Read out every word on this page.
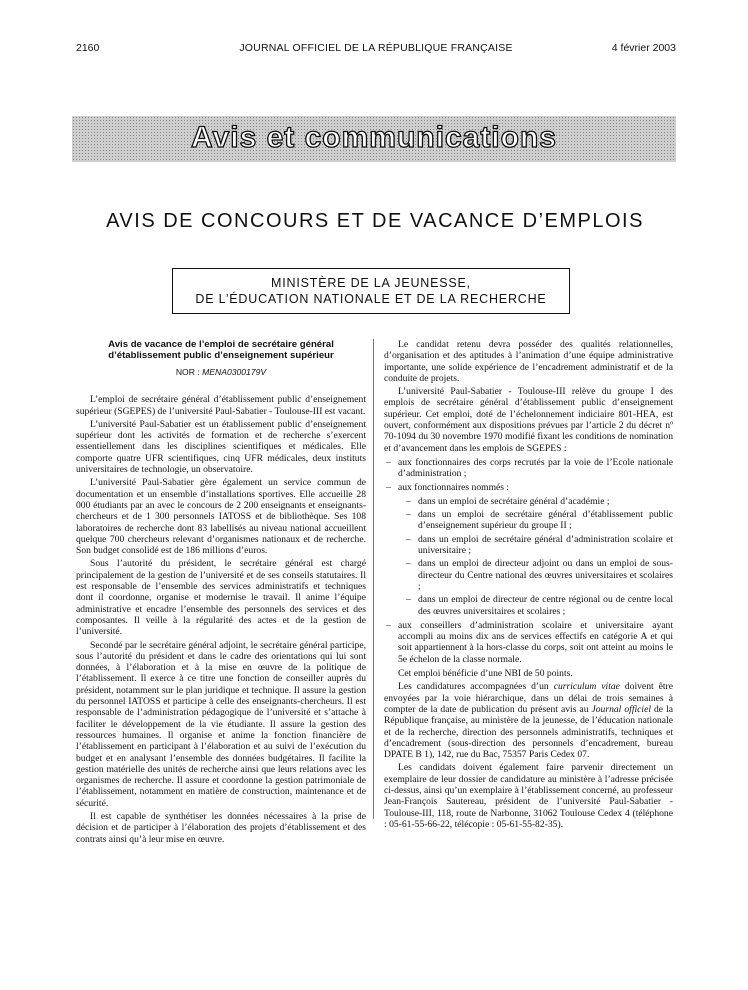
2160	JOURNAL OFFICIEL DE LA RÉPUBLIQUE FRANÇAISE	4 février 2003
Avis et communications
AVIS DE CONCOURS ET DE VACANCE D’EMPLOIS
MINISTÈRE DE LA JEUNESSE,
DE L’ÉDUCATION NATIONALE ET DE LA RECHERCHE

Avis de vacance de l’emploi de secrétaire général

d’établissement public d’enseignement supérieur

NOR : MENA0300179V

L’emploi de secrétaire général d’établissement public d’enseignement supérieur (SGEPES) de l’université Paul-Sabatier - Toulouse-III est vacant.

L’université Paul-Sabatier est un établissement public d’enseignement supérieur dont les activités de formation et de recherche s’exercent essentiellement dans les disciplines scientifiques et médicales. Elle comporte quatre UFR scientifiques, cinq UFR médicales, deux instituts universitaires de technologie, un observatoire.

L’université Paul-Sabatier gère également un service commun de documentation et un ensemble d’installations sportives. Elle accueille 28 000 étudiants par an avec le concours de 2 200 enseignants et enseignants-chercheurs et de 1 300 personnels IATOSS et de bibliothèque. Ses 108 laboratoires de recherche dont 83 labellisés au niveau national accueillent quelque 700 chercheurs relevant d’organismes nationaux et de recherche. Son budget consolidé est de 186 millions d’euros.

Sous l’autorité du président, le secrétaire général est chargé principalement de la gestion de l’université et de ses conseils statutaires. Il est responsable de l’ensemble des services administratifs et techniques dont il coordonne, organise et modernise le travail. Il anime l’équipe administrative et encadre l’ensemble des personnels des services et des composantes. Il veille à la régularité des actes et de la gestion de l’université.

Secondé par le secrétaire général adjoint, le secrétaire général participe, sous l’autorité du président et dans le cadre des orientations qui lui sont données, à l’élaboration et à la mise en œuvre de la politique de l’établissement. Il exerce à ce titre une fonction de conseiller auprès du président, notamment sur le plan juridique et technique. Il assure la gestion du personnel IATOSS et participe à celle des enseignants-chercheurs. Il est responsable de l’administration pédagogique de l’université et s’attache à faciliter le développement de la vie étudiante. Il assure la gestion des ressources humaines. Il organise et anime la fonction financière de l’établissement en participant à l’élaboration et au suivi de l’exécution du budget et en analysant l’ensemble des données budgétaires. Il facilite la gestion matérielle des unités de recherche ainsi que leurs relations avec les organismes de recherche. Il assure et coordonne la gestion patrimoniale de l’établissement, notamment en matière de construction, maintenance et de sécurité.

Il est capable de synthétiser les données nécessaires à la prise de décision et de participer à l’élaboration des projets d’établissement et des contrats ainsi qu’à leur mise en œuvre.

Le candidat retenu devra posséder des qualités relationnelles, d’organisation et des aptitudes à l’animation d’une équipe administrative importante, une solide expérience de l’encadrement administratif et de la conduite de projets.

L’université Paul-Sabatier - Toulouse-III relève du groupe I des emplois de secrétaire général d’établissement public d’enseignement supérieur. Cet emploi, doté de l’échelonnement indiciaire 801-HEA, est ouvert, conformément aux dispositions prévues par l’article 2 du décret nº 70-1094 du 30 novembre 1970 modifié fixant les conditions de nomination et d’avancement dans les emplois de SGEPES :

– aux fonctionnaires des corps recrutés par la voie de l’Ecole nationale d’administration ;
– aux fonctionnaires nommés :
– dans un emploi de secrétaire général d’académie ;
– dans un emploi de secrétaire général d’établissement public d’enseignement supérieur du groupe II ;
– dans un emploi de secrétaire général d’administration scolaire et universitaire ;
– dans un emploi de directeur adjoint ou dans un emploi de sous-directeur du Centre national des œuvres universitaires et scolaires ;
– dans un emploi de directeur de centre régional ou de centre local des œuvres universitaires et scolaires ;
– aux conseillers d’administration scolaire et universitaire ayant accompli au moins dix ans de services effectifs en catégorie A et qui soit appartiennent à la hors-classe du corps, soit ont atteint au moins le 5e échelon de la classe normale.

Cet emploi bénéficie d’une NBI de 50 points.

Les candidatures accompagnées d’un curriculum vitae doivent être envoyées par la voie hiérarchique, dans un délai de trois semaines à compter de la date de publication du présent avis au Journal officiel de la République française, au ministère de la jeunesse, de l’éducation nationale et de la recherche, direction des personnels administratifs, techniques et d’encadrement (sous-direction des personnels d’encadrement, bureau DPATE B 1), 142, rue du Bac, 75357 Paris Cedex 07.

Les candidats doivent également faire parvenir directement un exemplaire de leur dossier de candidature au ministère à l’adresse précisée ci-dessus, ainsi qu’un exemplaire à l’établissement concerné, au professeur Jean-François Sautereau, président de l’université Paul-Sabatier - Toulouse-III, 118, route de Narbonne, 31062 Toulouse Cedex 4 (téléphone : 05-61-55-66-22, télécopie : 05-61-55-82-35).
